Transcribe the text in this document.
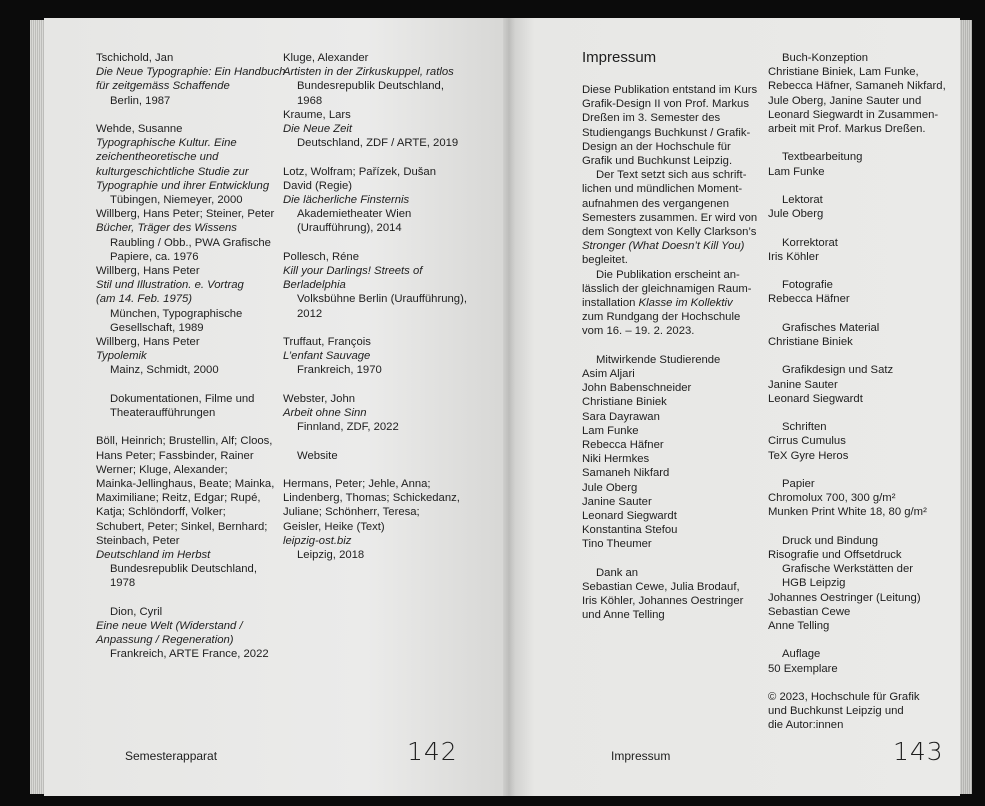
Tschichold, Jan
Die Neue Typographie: Ein Handbuch
für zeitgemäss Schaffende
Berlin, 1987
Wehde, Susanne
Typographische Kultur. Eine
zeichentheoretische und
kulturgeschichtliche Studie zur
Typographie und ihrer Entwicklung
Tübingen, Niemeyer, 2000
Willberg, Hans Peter; Steiner, Peter
Bücher, Träger des Wissens
Raubling / Obb., PWA Grafische
Papiere, ca. 1976
Willberg, Hans Peter
Stil und Illustration. e. Vortrag
(am 14. Feb. 1975)
München, Typographische
Gesellschaft, 1989
Willberg, Hans Peter
Typolemik
Mainz, Schmidt, 2000
Dokumentationen, Filme und
Theateraufführungen
Böll, Heinrich; Brustellin, Alf; Cloos,
Hans Peter; Fassbinder, Rainer
Werner; Kluge, Alexander;
Mainka-Jellinghaus, Beate; Mainka,
Maximiliane; Reitz, Edgar; Rupé,
Katja; Schlöndorff, Volker;
Schubert, Peter; Sinkel, Bernhard;
Steinbach, Peter
Deutschland im Herbst
Bundesrepublik Deutschland,
1978
Dion, Cyril
Eine neue Welt (Widerstand /
Anpassung / Regeneration)
Frankreich, ARTE France, 2022
Kluge, Alexander
Artisten in der Zirkuskuppel, ratlos
Bundesrepublik Deutschland,
1968
Kraume, Lars
Die Neue Zeit
Deutschland, ZDF / ARTE, 2019
Lotz, Wolfram; Pařízek, Dušan
David (Regie)
Die lächerliche Finsternis
Akademietheater Wien
(Uraufführung), 2014
Pollesch, Réne
Kill your Darlings! Streets of
Berladelphia
Volksbühne Berlin (Uraufführung),
2012
Truffaut, François
L’enfant Sauvage
Frankreich, 1970
Webster, John
Arbeit ohne Sinn
Finnland, ZDF, 2022
Website
Hermans, Peter; Jehle, Anna;
Lindenberg, Thomas; Schickedanz,
Juliane; Schönherr, Teresa;
Geisler, Heike (Text)
leipzig-ost.biz
Leipzig, 2018
Impressum
Diese Publikation entstand im Kurs
Grafik-Design II von Prof. Markus
Dreßen im 3. Semester des
Studiengangs Buchkunst / Grafik-
Design an der Hochschule für
Grafik und Buchkunst Leipzig.
Der Text setzt sich aus schrift-
lichen und mündlichen Moment-
aufnahmen des vergangenen
Semesters zusammen. Er wird von
dem Songtext von Kelly Clarkson’s
Stronger (What Doesn’t Kill You)
begleitet.
Die Publikation erscheint an-
lässlich der gleichnamigen Raum-
installation Klasse im Kollektiv
zum Rundgang der Hochschule
vom 16. – 19. 2. 2023.
Mitwirkende Studierende
Asim Aljari
John Babenschneider
Christiane Biniek
Sara Dayrawan
Lam Funke
Rebecca Häfner
Niki Hermkes
Samaneh Nikfard
Jule Oberg
Janine Sauter
Leonard Siegwardt
Konstantina Stefou
Tino Theumer
Dank an
Sebastian Cewe, Julia Brodauf,
Iris Köhler, Johannes Oestringer
und Anne Telling
Buch-Konzeption
Christiane Biniek, Lam Funke,
Rebecca Häfner, Samaneh Nikfard,
Jule Oberg, Janine Sauter und
Leonard Siegwardt in Zusammen-
arbeit mit Prof. Markus Dreßen.
Textbearbeitung
Lam Funke
Lektorat
Jule Oberg
Korrektorat
Iris Köhler
Fotografie
Rebecca Häfner
Grafisches Material
Christiane Biniek
Grafikdesign und Satz
Janine Sauter
Leonard Siegwardt
Schriften
Cirrus Cumulus
TeX Gyre Heros
Papier
Chromolux 700, 300 g/m²
Munken Print White 18, 80 g/m²
Druck und Bindung
Risografie und Offsetdruck
Grafische Werkstätten der
HGB Leipzig
Johannes Oestringer (Leitung)
Sebastian Cewe
Anne Telling
Auflage
50 Exemplare
© 2023, Hochschule für Grafik
und Buchkunst Leipzig und
die Autor:innen
Semesterapparat	142	Impressum	143
